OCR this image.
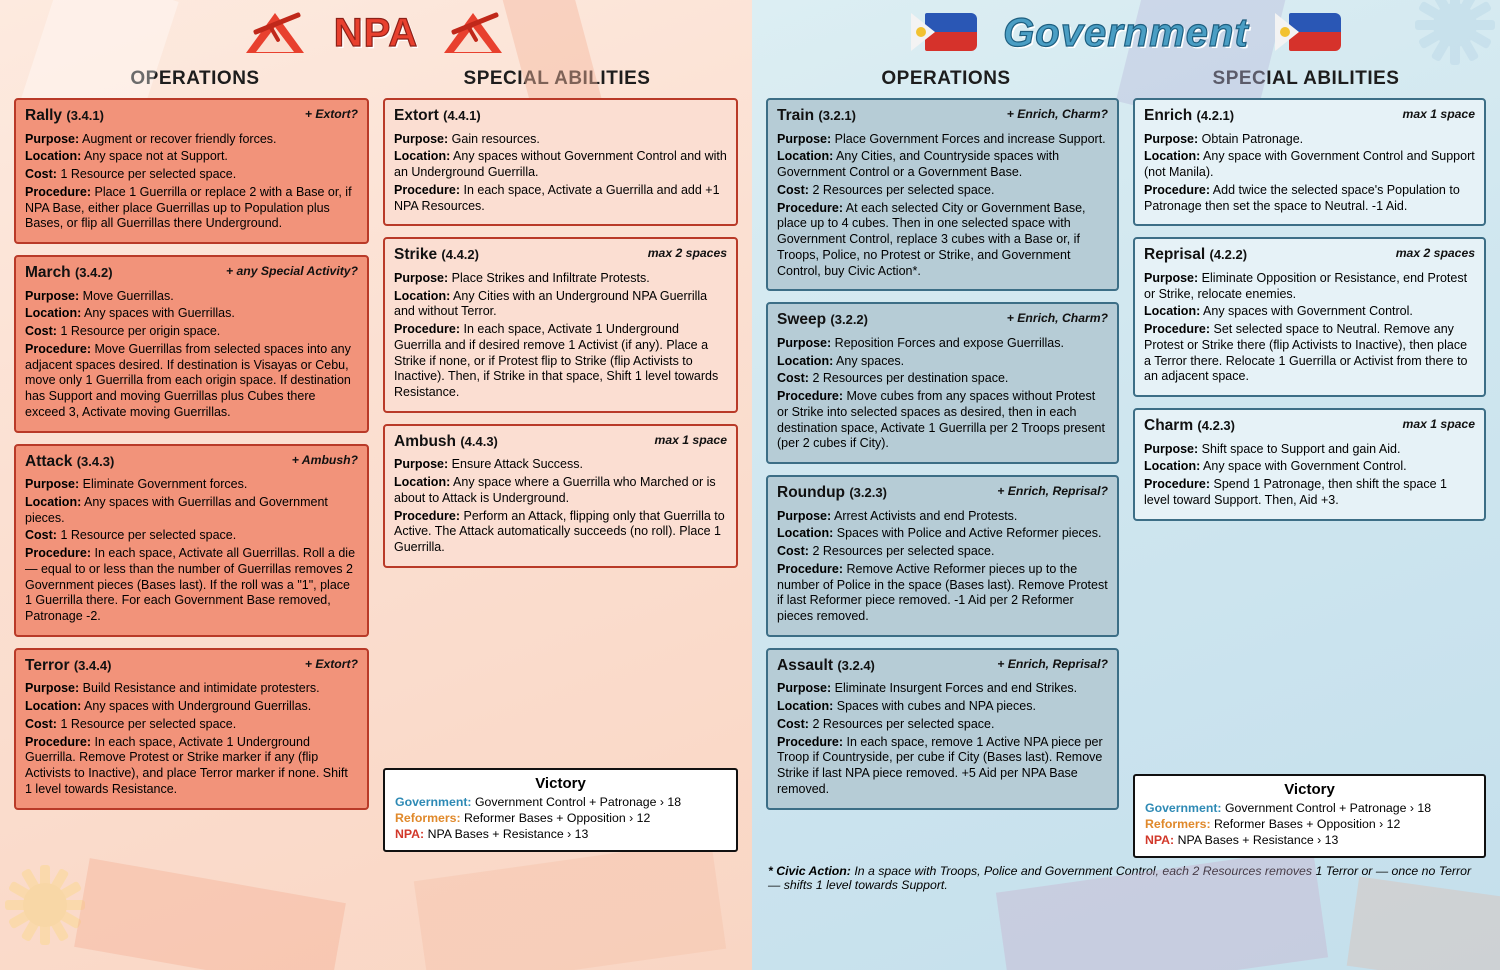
NPA
OPERATIONS	SPECIAL ABILITIES
Rally (3.4.1)	+ Extort?
Purpose: Augment or recover friendly forces.
Location: Any space not at Support.
Cost: 1 Resource per selected space.
Procedure: Place 1 Guerrilla or replace 2 with a Base or, if NPA Base, either place Guerrillas up to Population plus Bases, or flip all Guerrillas there Underground.
March (3.4.2)	+ any Special Activity?
Purpose: Move Guerrillas.
Location: Any spaces with Guerrillas.
Cost: 1 Resource per origin space.
Procedure: Move Guerrillas from selected spaces into any adjacent spaces desired. If destination is Visayas or Cebu, move only 1 Guerrilla from each origin space. If destination has Support and moving Guerrillas plus Cubes there exceed 3, Activate moving Guerrillas.
Attack (3.4.3)	+ Ambush?
Purpose: Eliminate Government forces.
Location: Any spaces with Guerrillas and Government pieces.
Cost: 1 Resource per selected space.
Procedure: In each space, Activate all Guerrillas. Roll a die — equal to or less than the number of Guerrillas removes 2 Government pieces (Bases last). If the roll was a "1", place 1 Guerrilla there. For each Government Base removed, Patronage -2.
Terror (3.4.4)	+ Extort?
Purpose: Build Resistance and intimidate protesters.
Location: Any spaces with Underground Guerrillas.
Cost: 1 Resource per selected space.
Procedure: In each space, Activate 1 Underground Guerrilla. Remove Protest or Strike marker if any (flip Activists to Inactive), and place Terror marker if none. Shift 1 level towards Resistance.
Extort (4.4.1)
Purpose: Gain resources.
Location: Any spaces without Government Control and with an Underground Guerrilla.
Procedure: In each space, Activate a Guerrilla and add +1 NPA Resources.
Strike (4.4.2)	max 2 spaces
Purpose: Place Strikes and Infiltrate Protests.
Location: Any Cities with an Underground NPA Guerrilla and without Terror.
Procedure: In each space, Activate 1 Underground Guerrilla and if desired remove 1 Activist (if any). Place a Strike if none, or if Protest flip to Strike (flip Activists to Inactive). Then, if Strike in that space, Shift 1 level towards Resistance.
Ambush (4.4.3)	max 1 space
Purpose: Ensure Attack Success.
Location: Any space where a Guerrilla who Marched or is about to Attack is Underground.
Procedure: Perform an Attack, flipping only that Guerrilla to Active. The Attack automatically succeeds (no roll). Place 1 Guerrilla.
Victory
Government: Government Control + Patronage › 18
Reformers: Reformer Bases + Opposition › 12
NPA: NPA Bases + Resistance › 13
Government
OPERATIONS	SPECIAL ABILITIES
Train (3.2.1)	+ Enrich, Charm?
Purpose: Place Government Forces and increase Support.
Location: Any Cities, and Countryside spaces with Government Control or a Government Base.
Cost: 2 Resources per selected space.
Procedure: At each selected City or Government Base, place up to 4 cubes. Then in one selected space with Government Control, replace 3 cubes with a Base or, if Troops, Police, no Protest or Strike, and Government Control, buy Civic Action*.
Sweep (3.2.2)	+ Enrich, Charm?
Purpose: Reposition Forces and expose Guerrillas.
Location: Any spaces.
Cost: 2 Resources per destination space.
Procedure: Move cubes from any spaces without Protest or Strike into selected spaces as desired, then in each destination space, Activate 1 Guerrilla per 2 Troops present (per 2 cubes if City).
Roundup (3.2.3)	+ Enrich, Reprisal?
Purpose: Arrest Activists and end Protests.
Location: Spaces with Police and Active Reformer pieces.
Cost: 2 Resources per selected space.
Procedure: Remove Active Reformer pieces up to the number of Police in the space (Bases last). Remove Protest if last Reformer piece removed. -1 Aid per 2 Reformer pieces removed.
Assault (3.2.4)	+ Enrich, Reprisal?
Purpose: Eliminate Insurgent Forces and end Strikes.
Location: Spaces with cubes and NPA pieces.
Cost: 2 Resources per selected space.
Procedure: In each space, remove 1 Active NPA piece per Troop if Countryside, per cube if City (Bases last). Remove Strike if last NPA piece removed. +5 Aid per NPA Base removed.
Enrich (4.2.1)	max 1 space
Purpose: Obtain Patronage.
Location: Any space with Government Control and Support (not Manila).
Procedure: Add twice the selected space's Population to Patronage then set the space to Neutral. -1 Aid.
Reprisal (4.2.2)	max 2 spaces
Purpose: Eliminate Opposition or Resistance, end Protest or Strike, relocate enemies.
Location: Any spaces with Government Control.
Procedure: Set selected space to Neutral. Remove any Protest or Strike there (flip Activists to Inactive), then place a Terror there. Relocate 1 Guerrilla or Activist from there to an adjacent space.
Charm (4.2.3)	max 1 space
Purpose: Shift space to Support and gain Aid.
Location: Any space with Government Control.
Procedure: Spend 1 Patronage, then shift the space 1 level toward Support. Then, Aid +3.
Victory
Government: Government Control + Patronage › 18
Reformers: Reformer Bases + Opposition › 12
NPA: NPA Bases + Resistance › 13
* Civic Action: In a space with Troops, Police and Government Control, each 2 Resources removes 1 Terror or — once no Terror — shifts 1 level towards Support.
